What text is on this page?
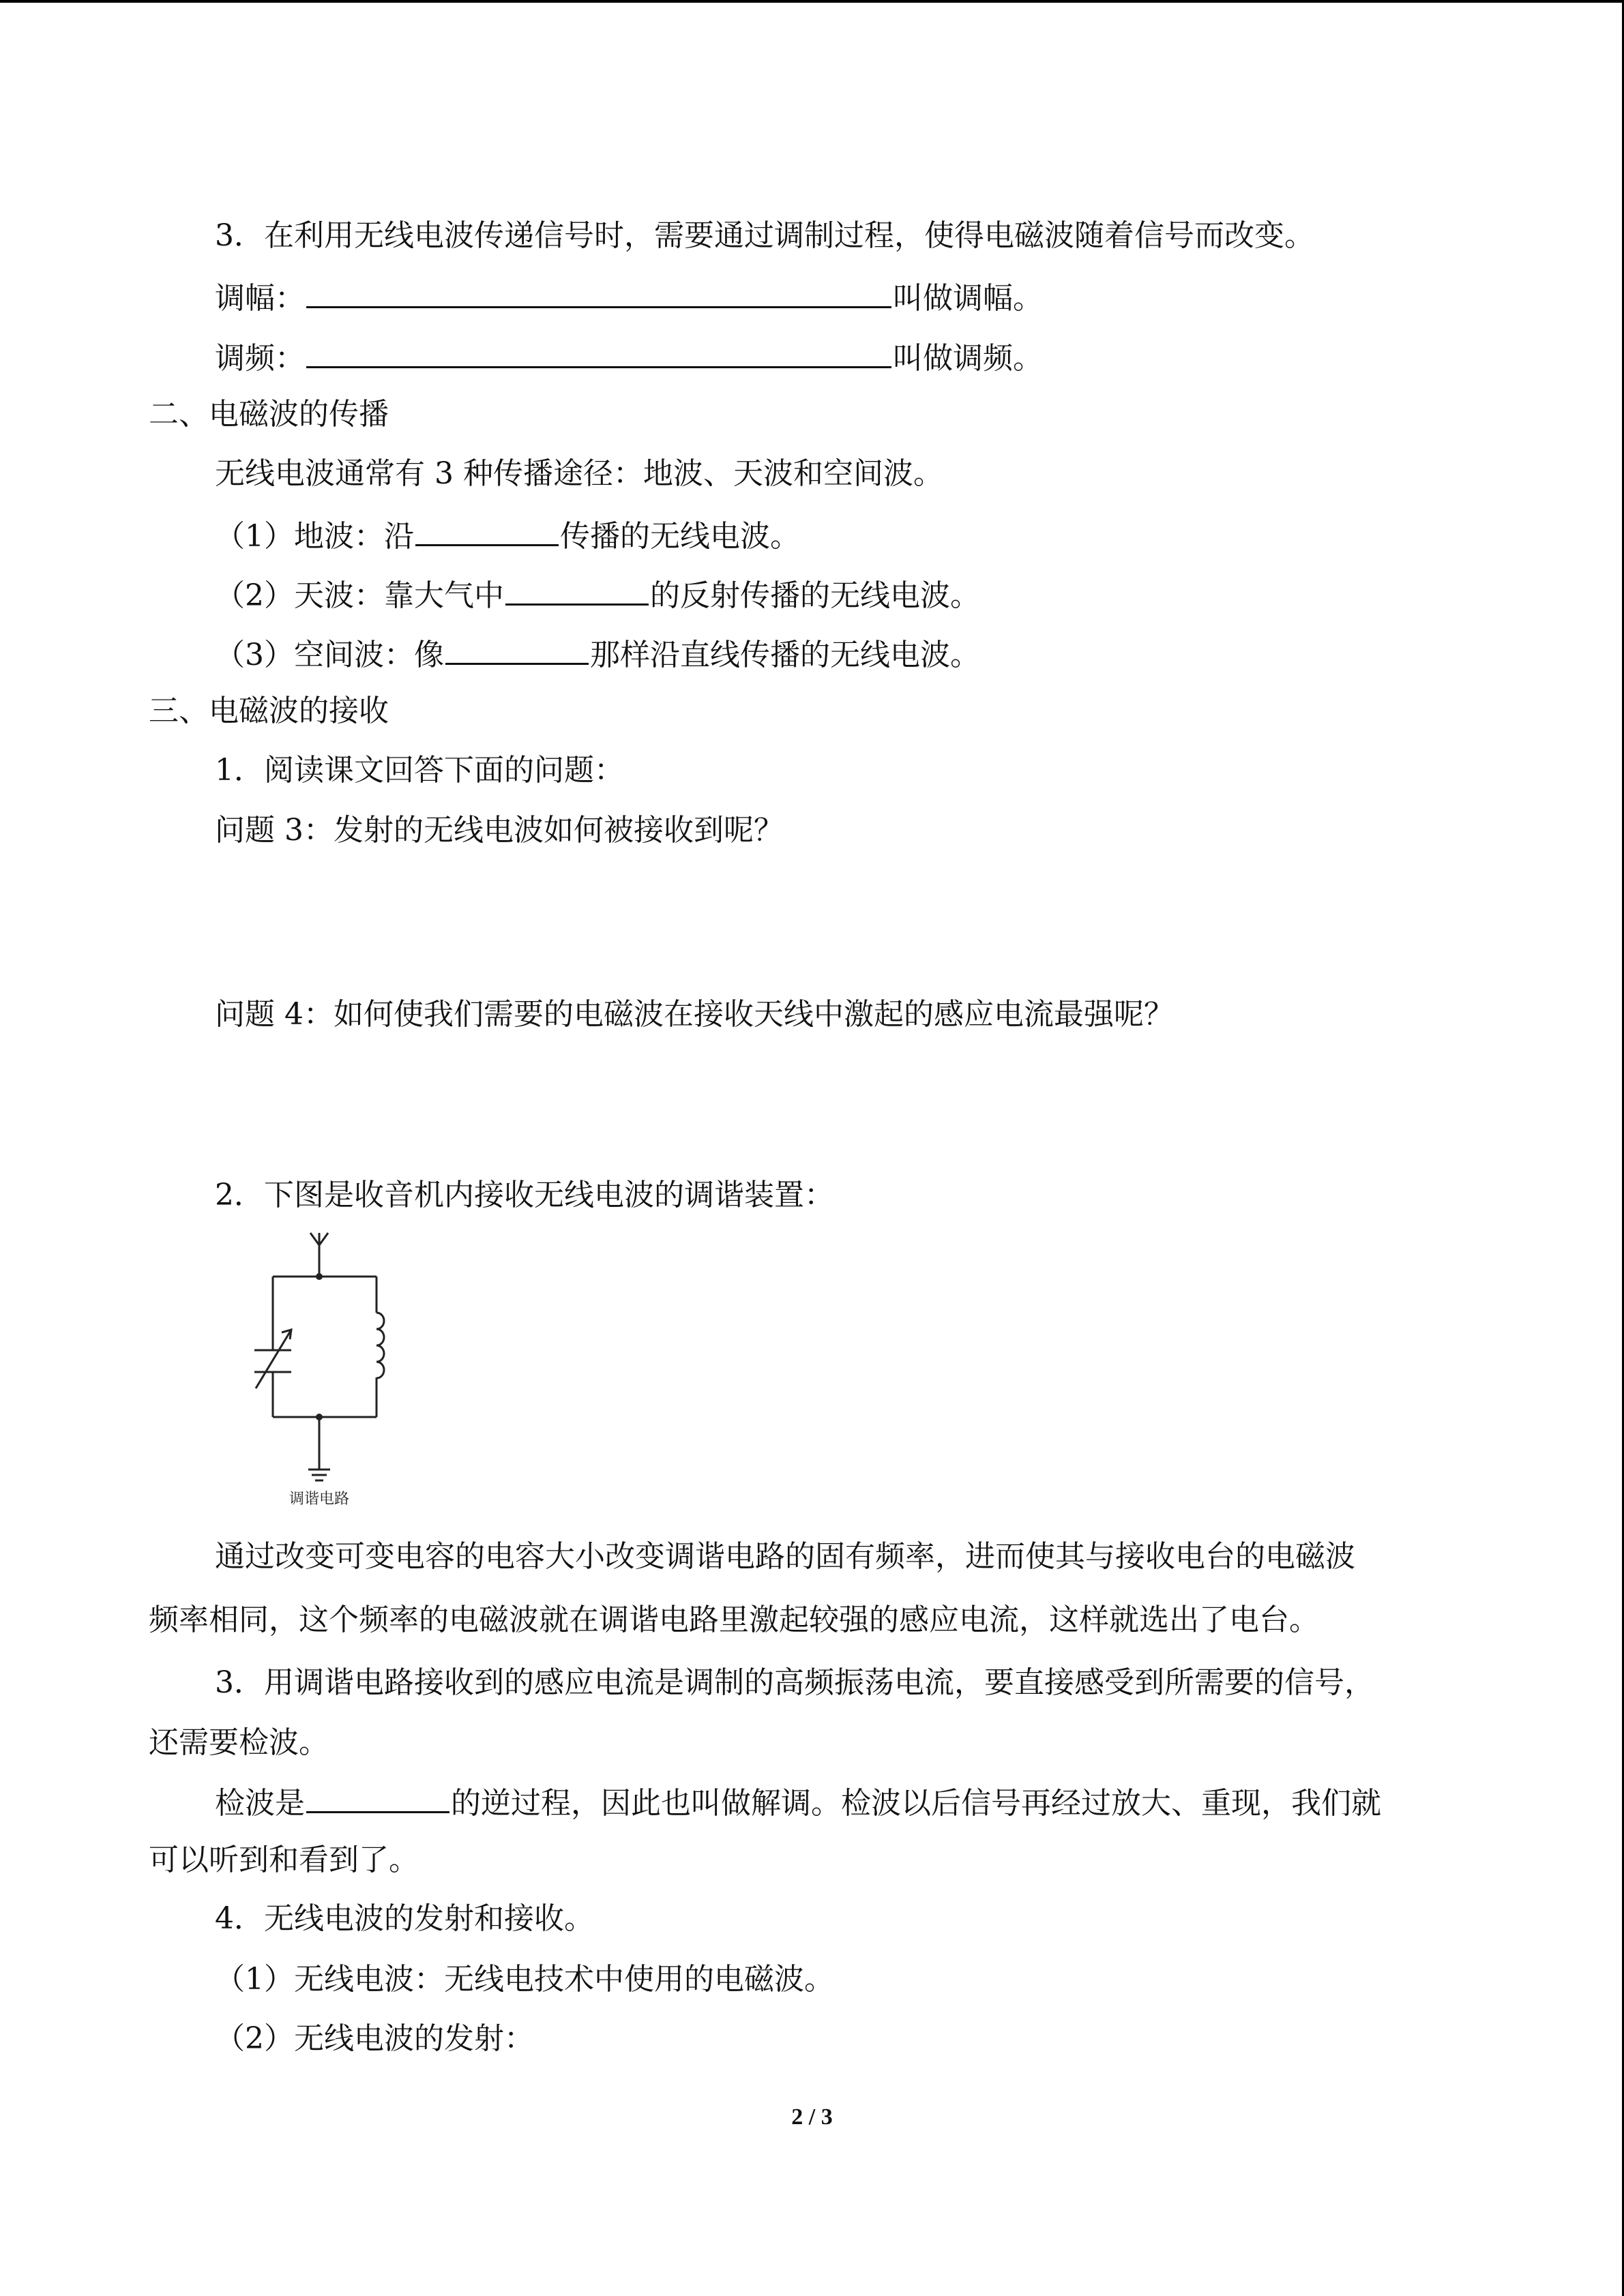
3．在利用无线电波传递信号时，需要通过调制过程，使得电磁波随着信号而改变。
调幅：	叫做调幅。
调频：	叫做调频。
二、电磁波的传播
无线电波通常有 3 种传播途径：地波、天波和空间波。
（1）地波：沿	传播的无线电波。
（2）天波：靠大气中	的反射传播的无线电波。
（3）空间波：像	那样沿直线传播的无线电波。
三、电磁波的接收
1．阅读课文回答下面的问题：
问题 3：发射的无线电波如何被接收到呢？
问题 4：如何使我们需要的电磁波在接收天线中激起的感应电流最强呢？
2．下图是收音机内接收无线电波的调谐装置：
调谐电路
通过改变可变电容的电容大小改变调谐电路的固有频率，进而使其与接收电台的电磁波
频率相同，这个频率的电磁波就在调谐电路里激起较强的感应电流，这样就选出了电台。
3．用调谐电路接收到的感应电流是调制的高频振荡电流，要直接感受到所需要的信号，
还需要检波。
检波是	的逆过程，因此也叫做解调。检波以后信号再经过放大、重现，我们就
可以听到和看到了。
4．无线电波的发射和接收。
（1）无线电波：无线电技术中使用的电磁波。
（2）无线电波的发射：
2 / 3
